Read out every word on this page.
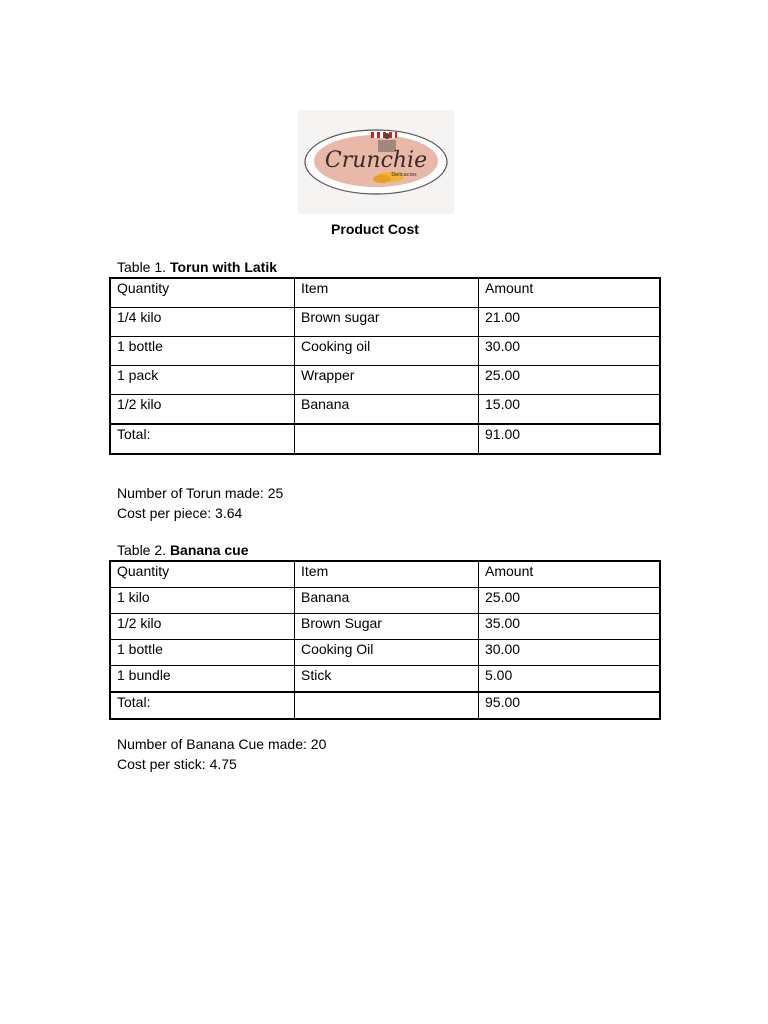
Crunchie
Delicacies
Product Cost
Table 1. Torun with Latik
Quantity	Item	Amount
1/4 kilo	Brown sugar	21.00
1 bottle	Cooking oil	30.00
1 pack	Wrapper	25.00
1/2 kilo	Banana	15.00
Total:		91.00
Number of Torun made: 25
Cost per piece: 3.64
Table 2. Banana cue
Quantity	Item	Amount
1 kilo	Banana	25.00
1/2 kilo	Brown Sugar	35.00
1 bottle	Cooking Oil	30.00
1 bundle	Stick	5.00
Total:		95.00
Number of Banana Cue made: 20
Cost per stick: 4.75
